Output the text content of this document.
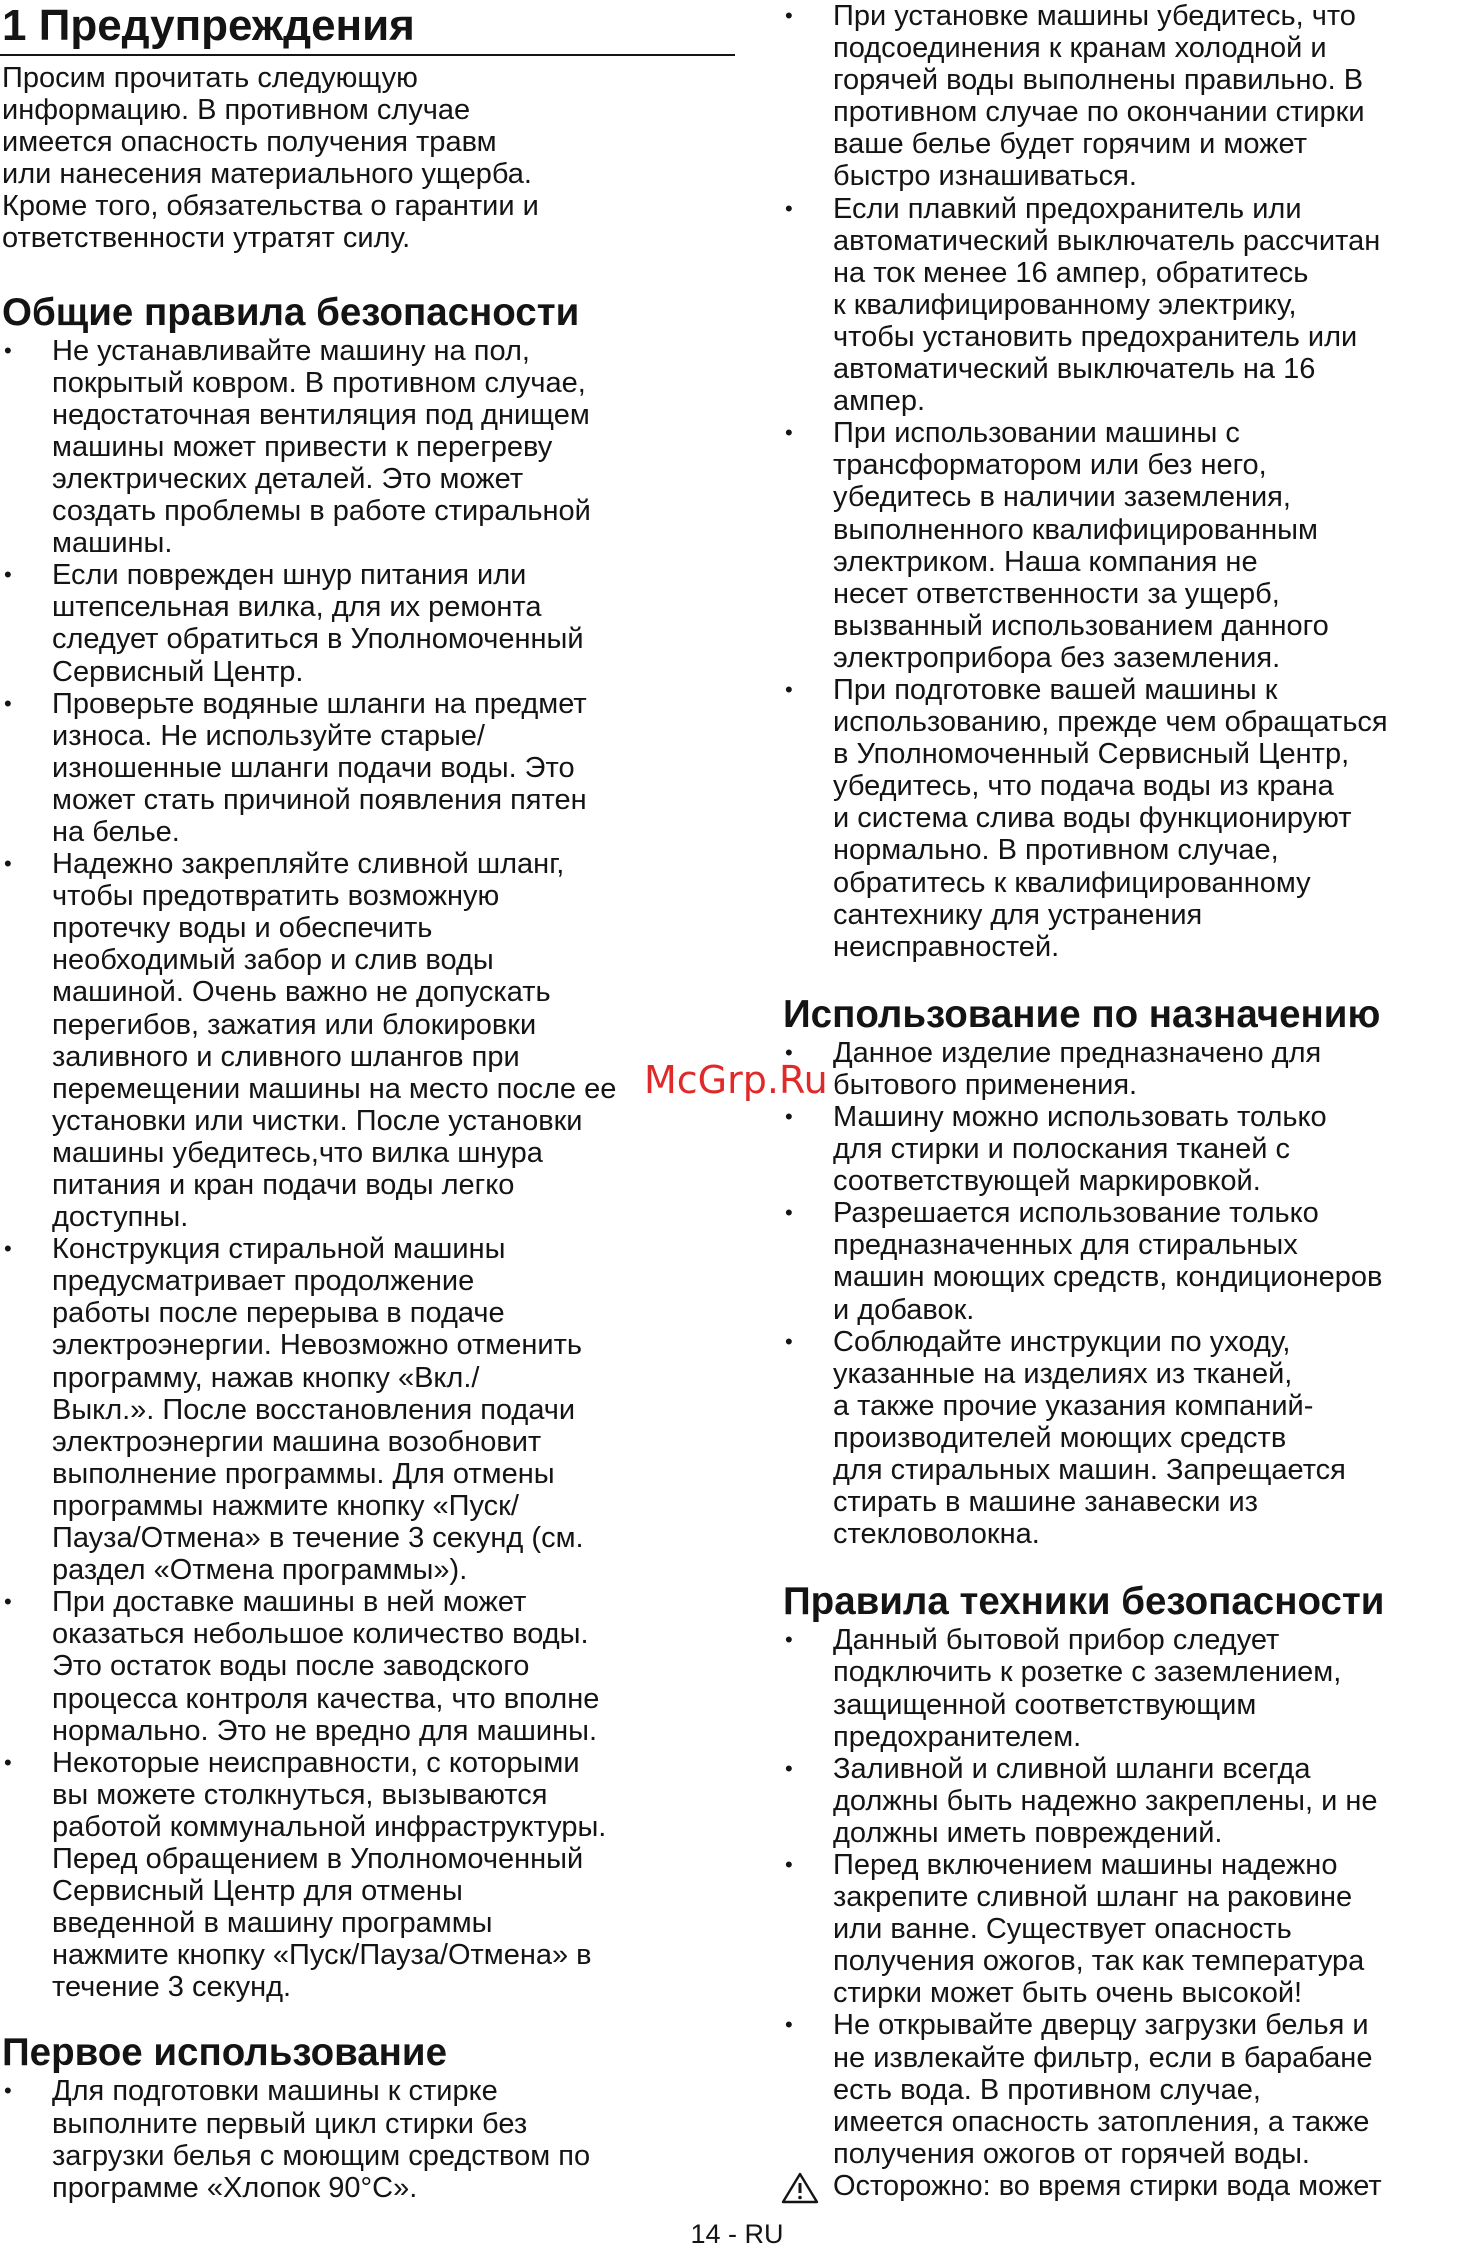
1 Предупреждения
Просим прочитать следующую
информацию. В противном случае
имеется опасность получения травм
или нанесения материального ущерба.
Кроме того, обязательства о гарантии и
ответственности утратят силу.
Общие правила безопасности
•	Не устанавливайте машину на пол,
покрытый ковром. В противном случае,
недостаточная вентиляция под днищем
машины может привести к перегреву
электрических деталей. Это может
создать проблемы в работе стиральной
машины.
•	Если поврежден шнур питания или
штепсельная вилка, для их ремонта
следует обратиться в Уполномоченный
Сервисный Центр.
•	Проверьте водяные шланги на предмет
износа. Не используйте старые/
изношенные шланги подачи воды. Это
может стать причиной появления пятен
на белье.
•	Надежно закрепляйте сливной шланг,
чтобы предотвратить возможную
протечку воды и обеспечить
необходимый забор и слив воды
машиной. Очень важно не допускать
перегибов, зажатия или блокировки
заливного и сливного шлангов при
перемещении машины на место после ее
установки или чистки. После установки
машины убедитесь,что вилка шнура
питания и кран подачи воды легко
доступны.
•	Конструкция стиральной машины
предусматривает продолжение
работы после перерыва в подаче
электроэнергии. Невозможно отменить
программу, нажав кнопку «Вкл./
Выкл.». После восстановления подачи
электроэнергии машина возобновит
выполнение программы. Для отмены
программы нажмите кнопку «Пуск/
Пауза/Отмена» в течение 3 секунд (см.
раздел «Отмена программы»).
•	При доставке машины в ней может
оказаться небольшое количество воды.
Это остаток воды после заводского
процесса контроля качества, что вполне
нормально. Это не вредно для машины.
•	Некоторые неисправности, с которыми
вы можете столкнуться, вызываются
работой коммунальной инфраструктуры.
Перед обращением в Уполномоченный
Сервисный Центр для отмены
введенной в машину программы
нажмите кнопку «Пуск/Пауза/Отмена» в
течение 3 секунд.
Первое использование
•	Для подготовки машины к стирке
выполните первый цикл стирки без
загрузки белья с моющим средством по
программе «Хлопок 90°C».
•	При установке машины убедитесь, что
подсоединения к кранам холодной и
горячей воды выполнены правильно. В
противном случае по окончании стирки
ваше белье будет горячим и может
быстро изнашиваться.
•	Если плавкий предохранитель или
автоматический выключатель рассчитан
на ток менее 16 ампер, обратитесь
к квалифицированному электрику,
чтобы установить предохранитель или
автоматический выключатель на 16
ампер.
•	При использовании машины с
трансформатором или без него,
убедитесь в наличии заземления,
выполненного квалифицированным
электриком. Наша компания не
несет ответственности за ущерб,
вызванный использованием данного
электроприбора без заземления.
•	При подготовке вашей машины к
использованию, прежде чем обращаться
в Уполномоченный Сервисный Центр,
убедитесь, что подача воды из крана
и система слива воды функционируют
нормально. В противном случае,
обратитесь к квалифицированному
сантехнику для устранения
неисправностей.
Использование по назначению
•	Данное изделие предназначено для
бытового применения.
•	Машину можно использовать только
для стирки и полоскания тканей с
соответствующей маркировкой.
•	Разрешается использование только
предназначенных для стиральных
машин моющих средств, кондиционеров
и добавок.
•	Соблюдайте инструкции по уходу,
указанные на изделиях из тканей,
а также прочие указания компаний-
производителей моющих средств
для стиральных машин. Запрещается
стирать в машине занавески из
стекловолокна.
Правила техники безопасности
•	Данный бытовой прибор следует
подключить к розетке с заземлением,
защищенной соответствующим
предохранителем.
•	Заливной и сливной шланги всегда
должны быть надежно закреплены, и не
должны иметь повреждений.
•	Перед включением машины надежно
закрепите сливной шланг на раковине
или ванне. Существует опасность
получения ожогов, так как температура
стирки может быть очень высокой!
•	Не открывайте дверцу загрузки белья и
не извлекайте фильтр, если в барабане
есть вода. В противном случае,
имеется опасность затопления, а также
получения ожогов от горячей воды.
Осторожно: во время стирки вода может
14 - RU
McGrp.Ru
